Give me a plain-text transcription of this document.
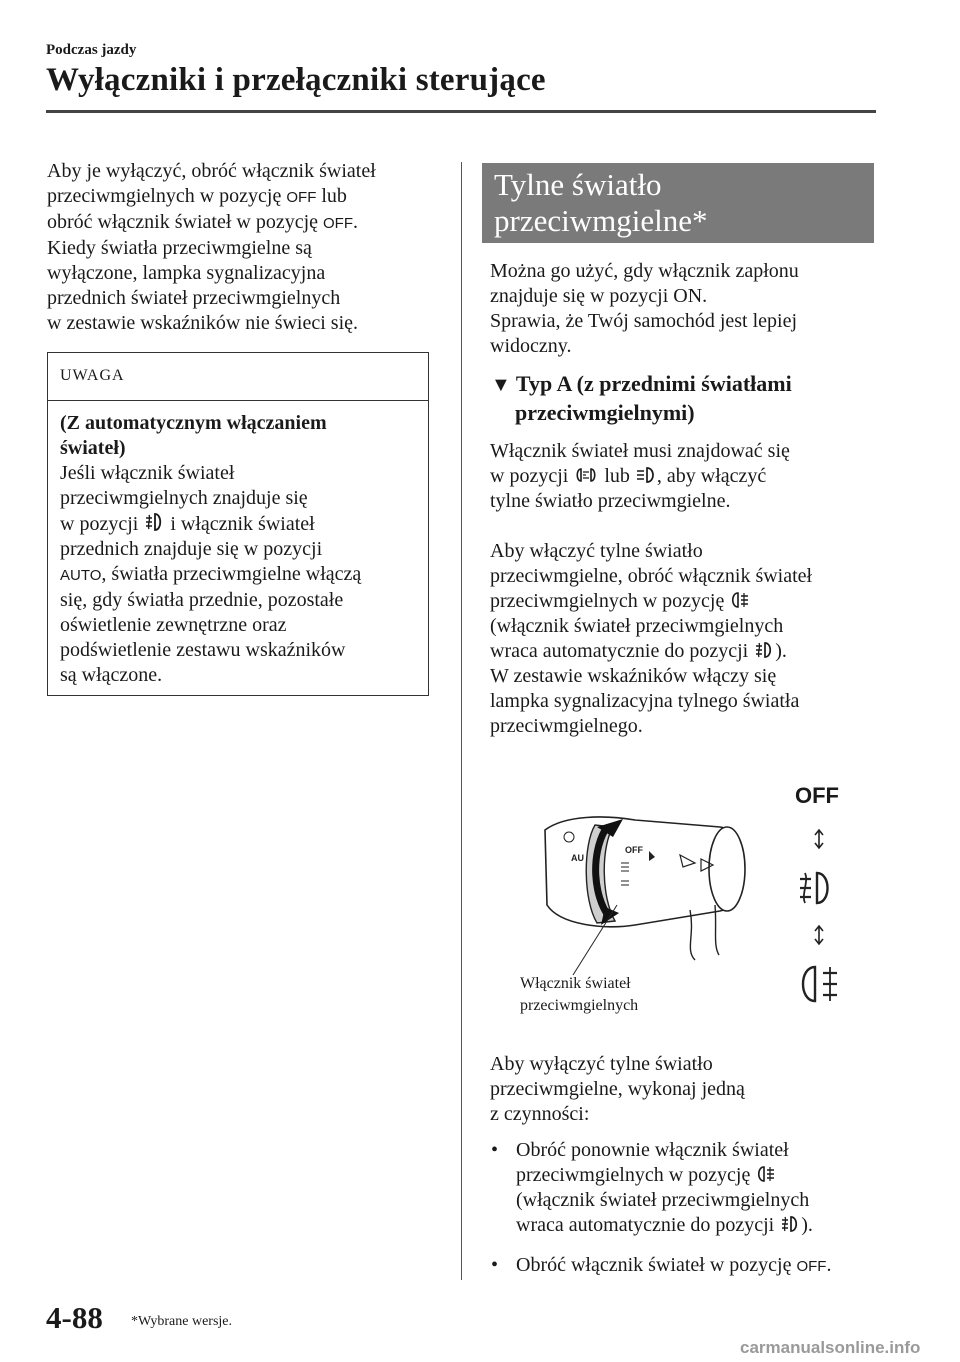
Podczas jazdy
Wyłączniki i przełączniki sterujące
Aby je wyłączyć, obróć włącznik świateł
przeciwmgielnych w pozycję OFF lub
obróć włącznik świateł w pozycję OFF.
Kiedy światła przeciwmgielne są
wyłączone, lampka sygnalizacyjna
przednich świateł przeciwmgielnych
w zestawie wskaźników nie świeci się.
UWAGA
(Z automatycznym włączaniem
świateł)
Jeśli włącznik świateł
przeciwmgielnych znajduje się
w pozycji i włącznik świateł
przednich znajduje się w pozycji
AUTO, światła przeciwmgielne włączą
się, gdy światła przednie, pozostałe
oświetlenie zewnętrzne oraz
podświetlenie zestawu wskaźników
są włączone.
Tylne światło
przeciwmgielne*
Można go użyć, gdy włącznik zapłonu
znajduje się w pozycji ON.
Sprawia, że Twój samochód jest lepiej
widoczny.
▼ Typ A (z przednimi światłami
przeciwmgielnymi)
Włącznik świateł musi znajdować się
w pozycji lub , aby włączyć
tylne światło przeciwmgielne.
Aby włączyć tylne światło
przeciwmgielne, obróć włącznik świateł
przeciwmgielnych w pozycję
(włącznik świateł przeciwmgielnych
wraca automatycznie do pozycji ).
W zestawie wskaźników włączy się
lampka sygnalizacyjna tylnego światła
przeciwmgielnego.
OFF
AU
OFF
Włącznik świateł
przeciwmgielnych
Aby wyłączyć tylne światło
przeciwmgielne, wykonaj jedną
z czynności:
• Obróć ponownie włącznik świateł
przeciwmgielnych w pozycję
(włącznik świateł przeciwmgielnych
wraca automatycznie do pozycji ).
• Obróć włącznik świateł w pozycję OFF.
4-88 *Wybrane wersje.
carmanualsonline.info
